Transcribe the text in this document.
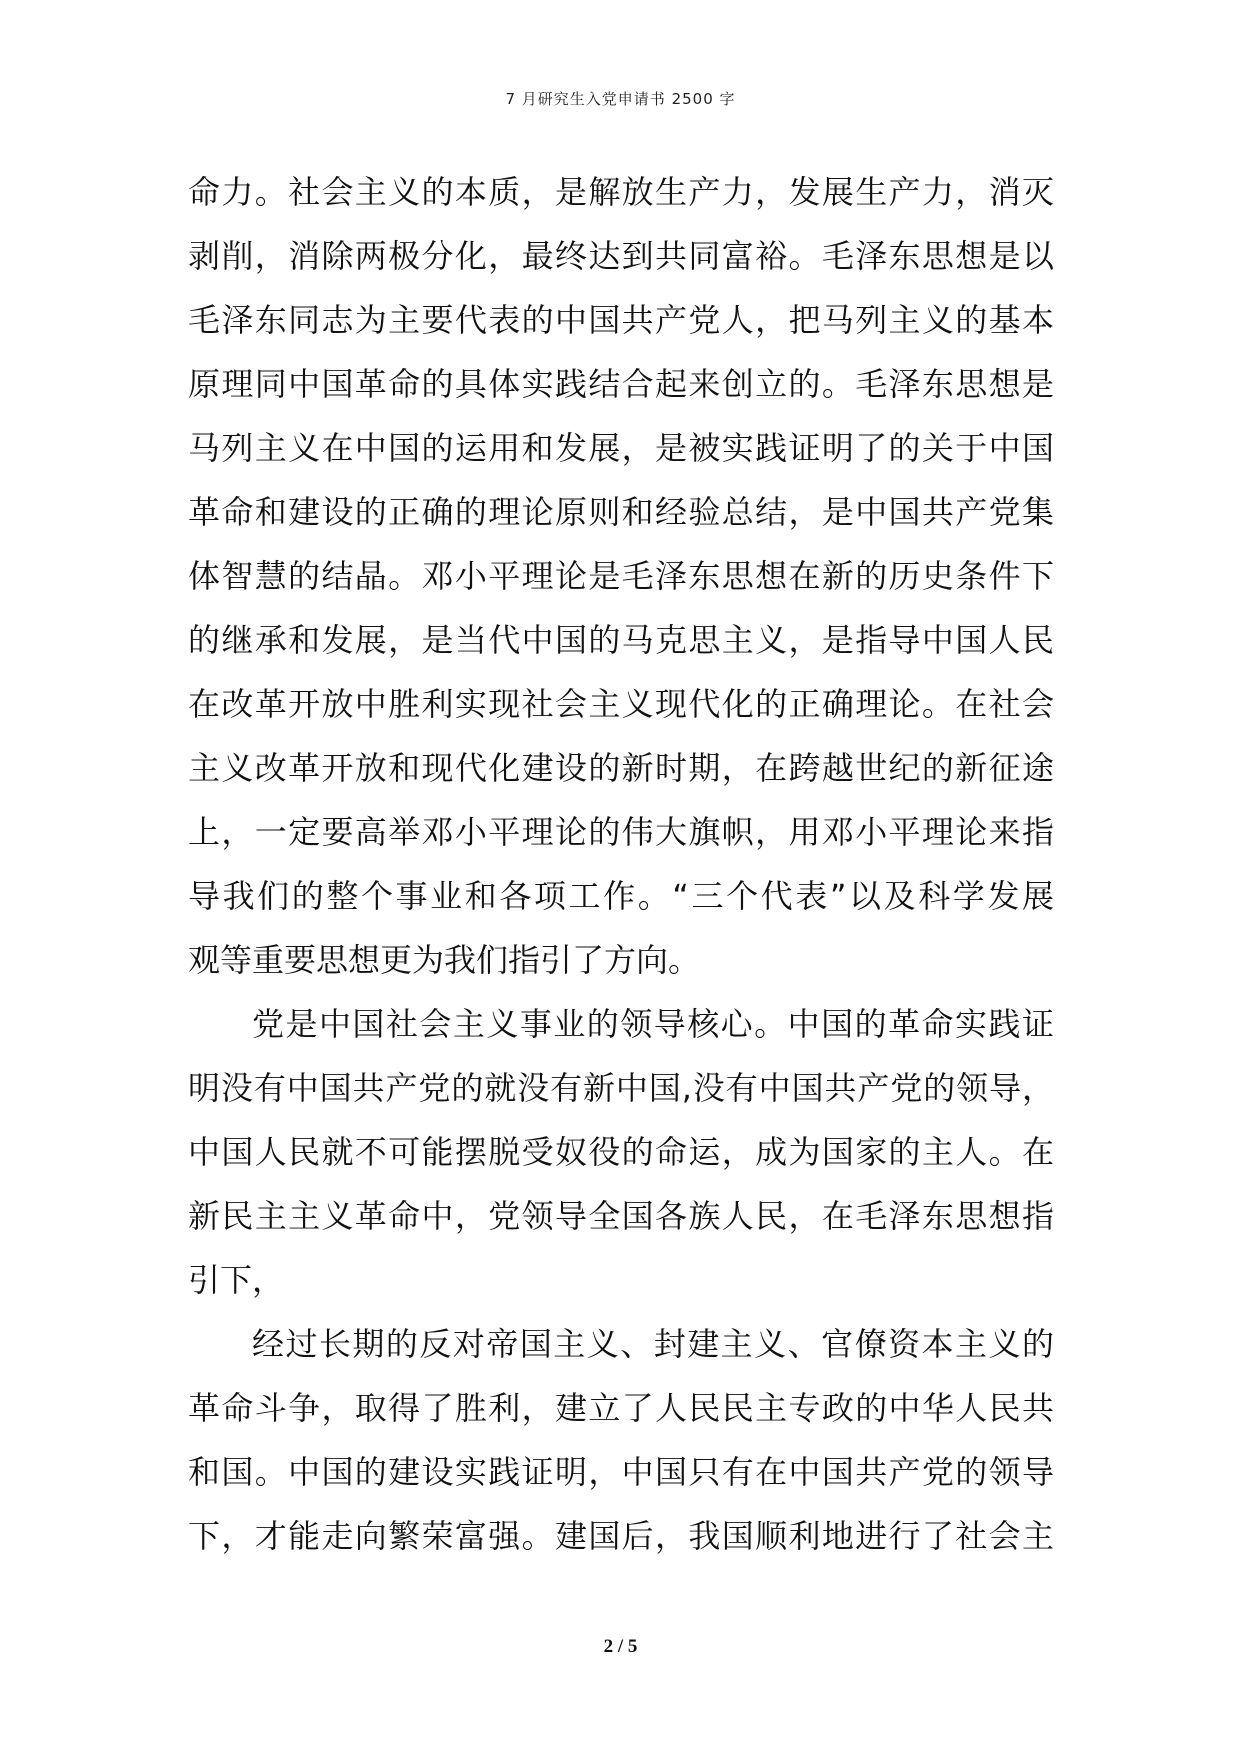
7 月研究生入党申请书 2500 字
命力。社会主义的本质，是解放生产力，发展生产力，消灭
剥削，消除两极分化，最终达到共同富裕。毛泽东思想是以
毛泽东同志为主要代表的中国共产党人，把马列主义的基本
原理同中国革命的具体实践结合起来创立的。毛泽东思想是
马列主义在中国的运用和发展，是被实践证明了的关于中国
革命和建设的正确的理论原则和经验总结，是中国共产党集
体智慧的结晶。邓小平理论是毛泽东思想在新的历史条件下
的继承和发展，是当代中国的马克思主义，是指导中国人民
在改革开放中胜利实现社会主义现代化的正确理论。在社会
主义改革开放和现代化建设的新时期，在跨越世纪的新征途
上，一定要高举邓小平理论的伟大旗帜，用邓小平理论来指
导我们的整个事业和各项工作。“三个代表”以及科学发展
观等重要思想更为我们指引了方向。
党是中国社会主义事业的领导核心。中国的革命实践证
明没有中国共产党的就没有新中国,没有中国共产党的领导，
中国人民就不可能摆脱受奴役的命运，成为国家的主人。在
新民主主义革命中，党领导全国各族人民，在毛泽东思想指
引下，
经过长期的反对帝国主义、封建主义、官僚资本主义的
革命斗争，取得了胜利，建立了人民民主专政的中华人民共
和国。中国的建设实践证明，中国只有在中国共产党的领导
下，才能走向繁荣富强。建国后，我国顺利地进行了社会主
2 / 5
